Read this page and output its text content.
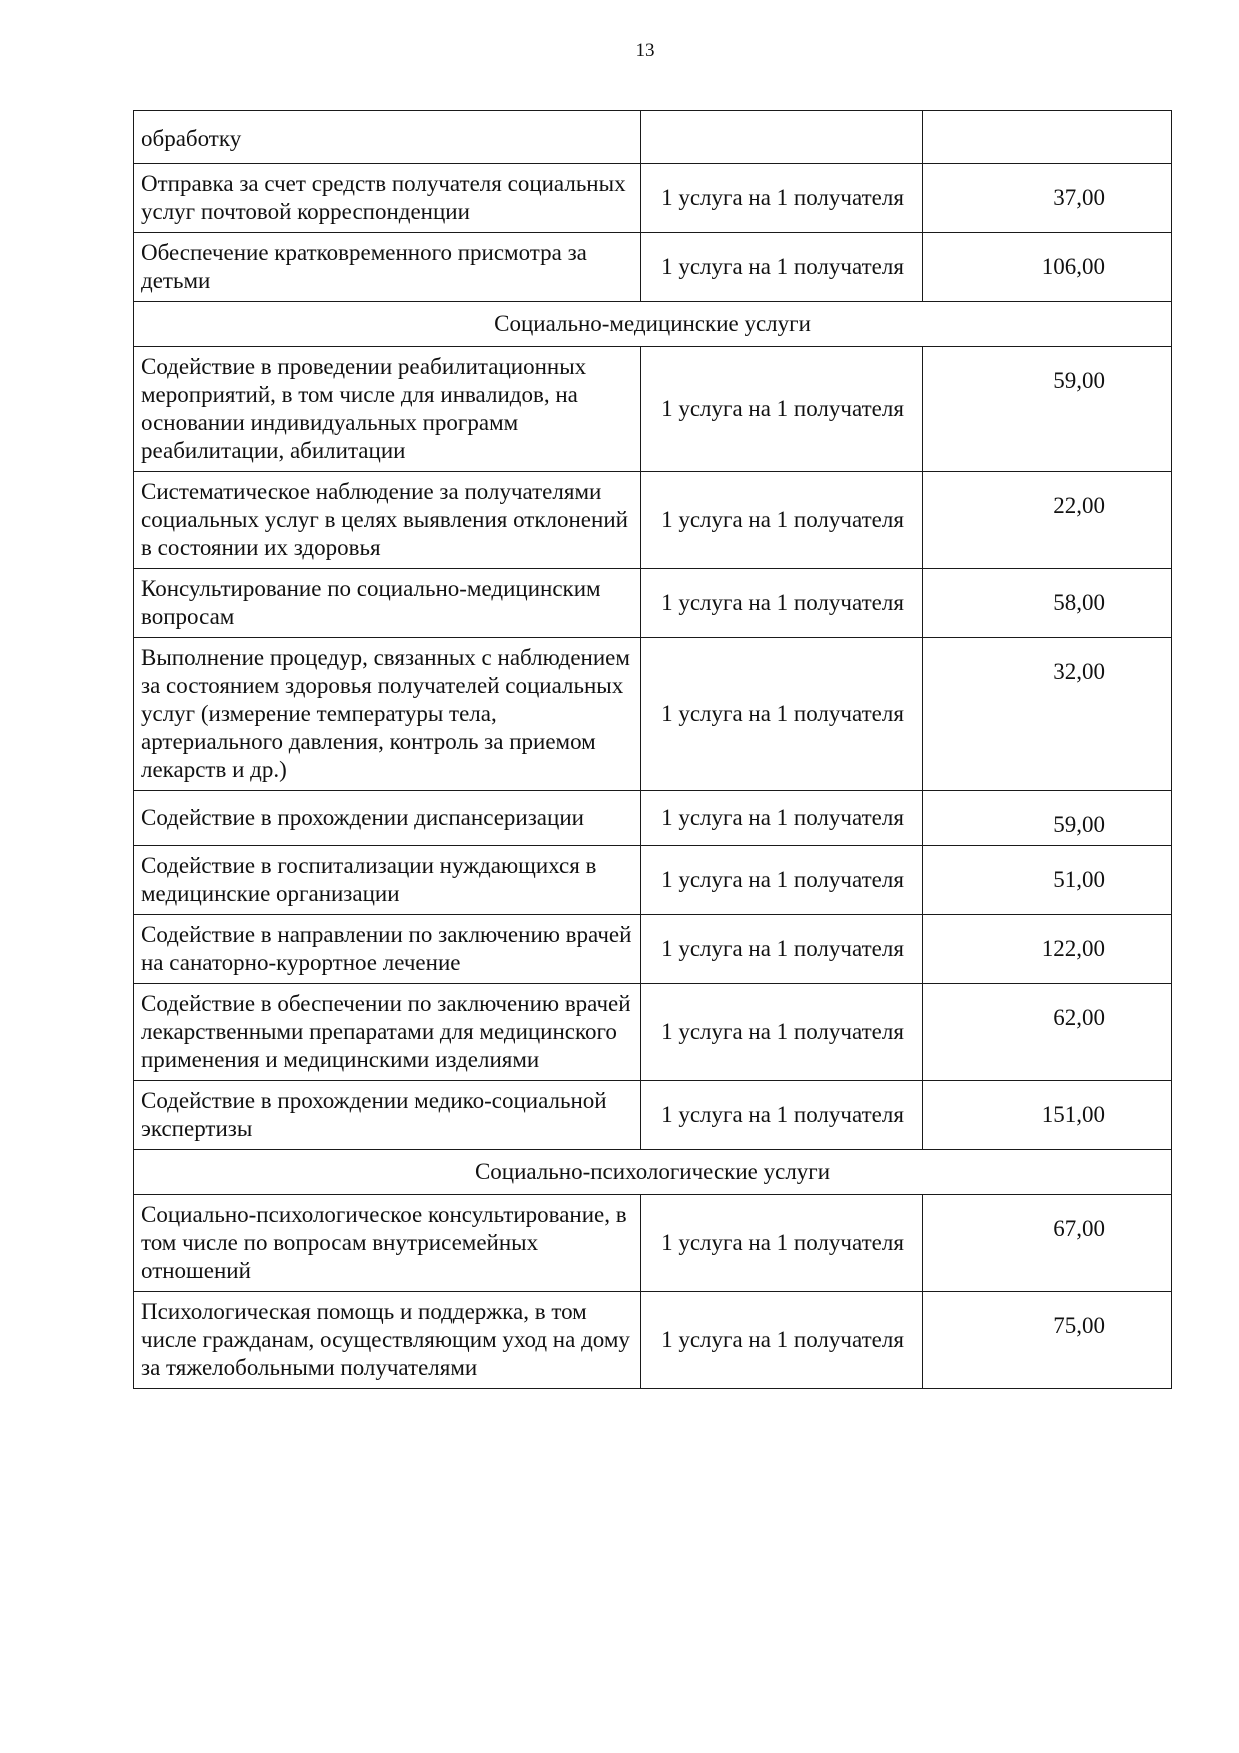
13
обработку		
Отправка за счет средств получателя социальных услуг почтовой корреспонденции	1 услуга на 1 получателя	37,00
Обеспечение кратковременного присмотра за детьми	1 услуга на 1 получателя	106,00
Социально-медицинские услуги		
Содействие в проведении реабилитационных мероприятий, в том числе для инвалидов, на основании индивидуальных программ реабилитации, абилитации	1 услуга на 1 получателя	59,00
Систематическое наблюдение за получателями социальных услуг в целях выявления отклонений в состоянии их здоровья	1 услуга на 1 получателя	22,00
Консультирование по социально-медицинским вопросам	1 услуга на 1 получателя	58,00
Выполнение процедур, связанных с наблюдением за состоянием здоровья получателей социальных услуг (измерение температуры тела, артериального давления, контроль за приемом лекарств и др.)	1 услуга на 1 получателя	32,00
Содействие в прохождении диспансеризации	1 услуга на 1 получателя	59,00
Содействие в госпитализации нуждающихся в медицинские организации	1 услуга на 1 получателя	51,00
Содействие в направлении по заключению врачей на санаторно-курортное лечение	1 услуга на 1 получателя	122,00
Содействие в обеспечении по заключению врачей лекарственными препаратами для медицинского применения и медицинскими изделиями	1 услуга на 1 получателя	62,00
Содействие в прохождении медико-социальной экспертизы	1 услуга на 1 получателя	151,00
Социально-психологические услуги		
Социально-психологическое консультирование, в том числе по вопросам внутрисемейных отношений	1 услуга на 1 получателя	67,00
Психологическая помощь и поддержка, в том числе гражданам, осуществляющим уход на дому за тяжелобольными получателями	1 услуга на 1 получателя	75,00
